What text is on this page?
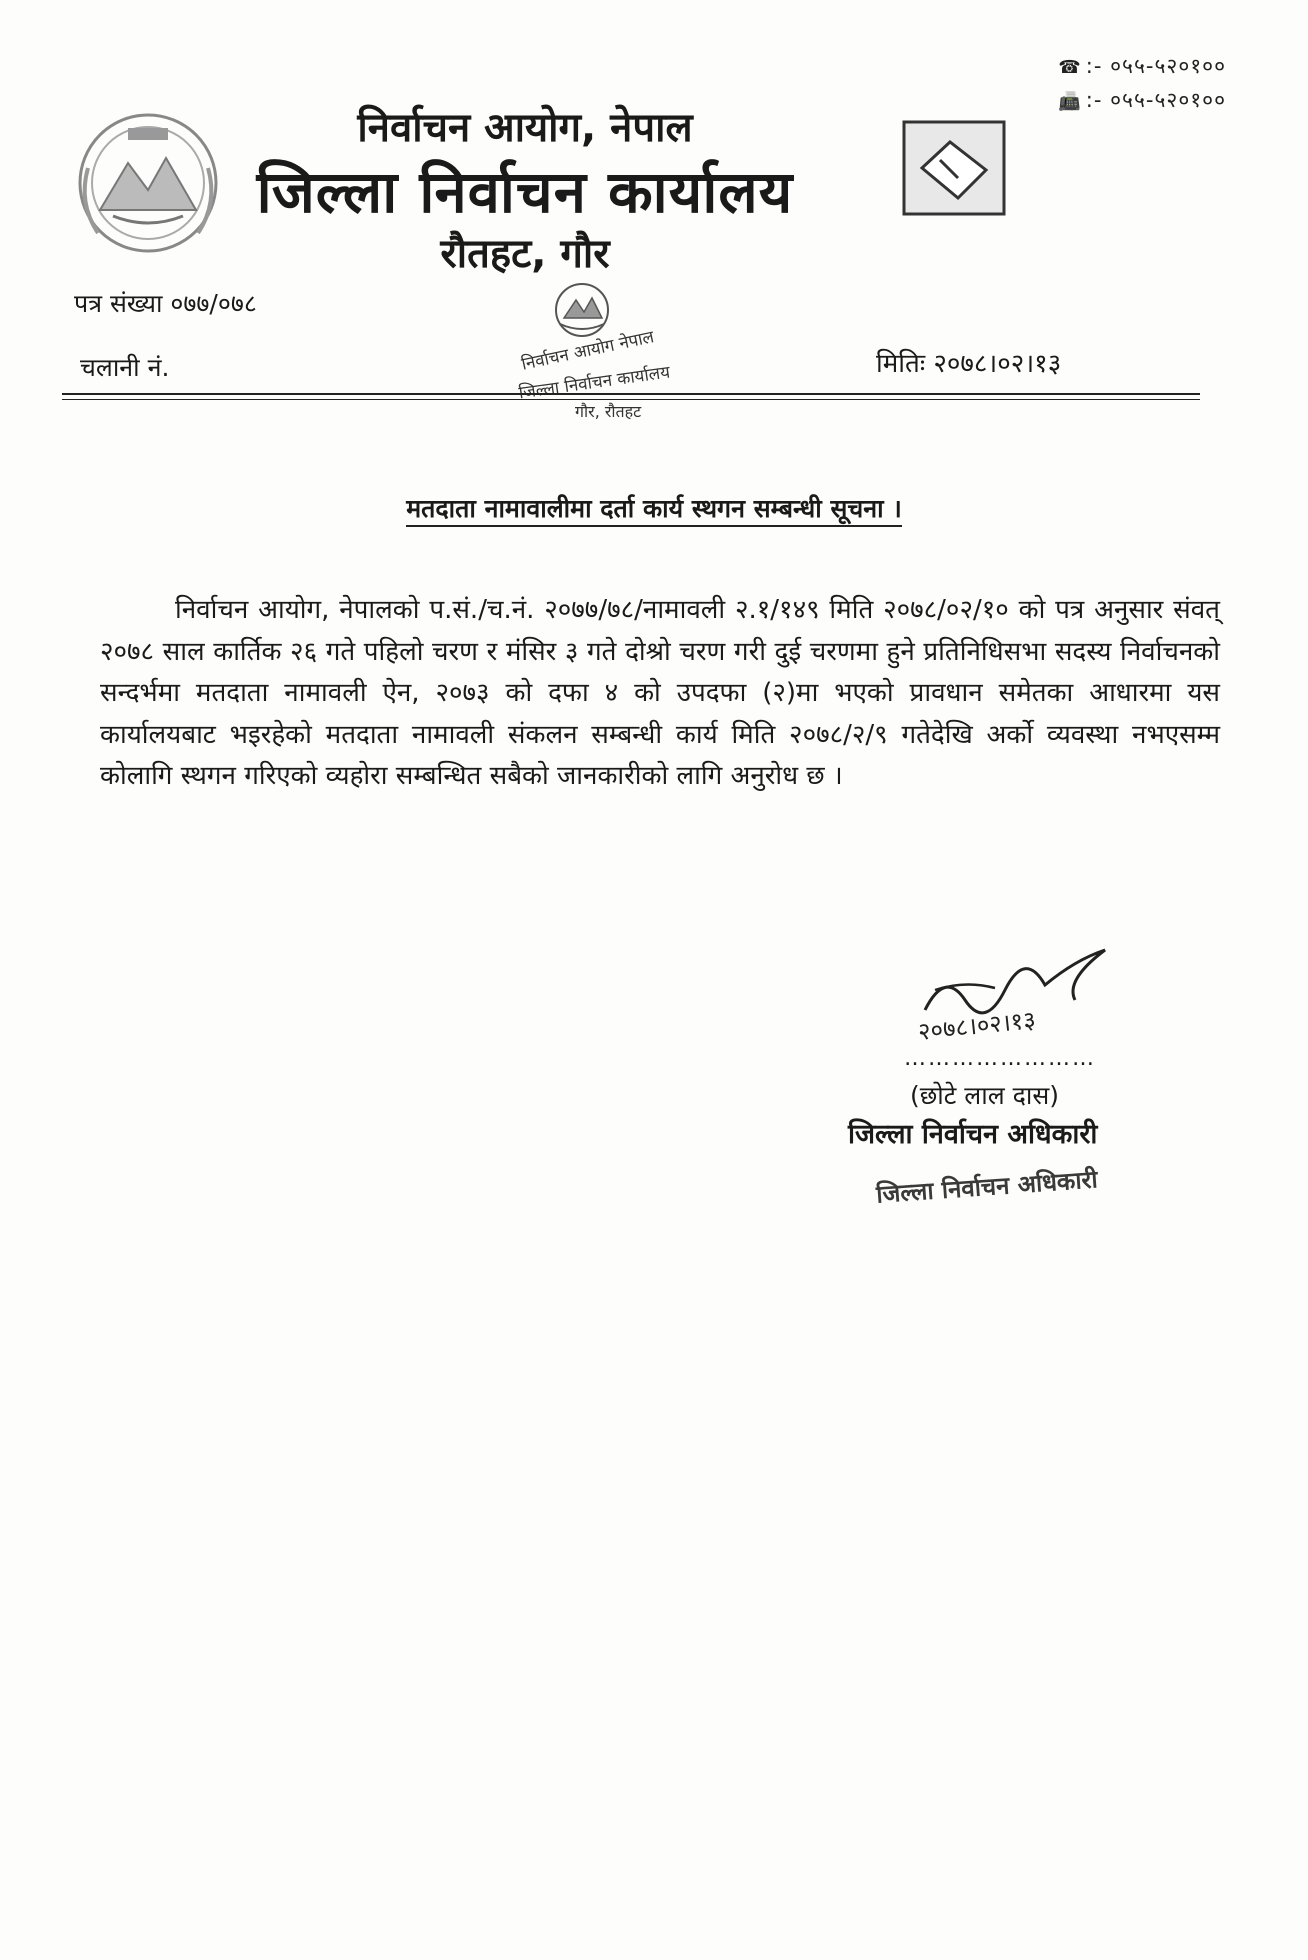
☎ :- ०५५-५२०१००
📠 :- ०५५-५२०१००
निर्वाचन आयोग, नेपाल
जिल्ला निर्वाचन कार्यालय
रौतहट, गौर
पत्र संख्या ०७७/०७८
चलानी नं.	मितिः २०७८।०२।१३
निर्वाचन आयोग नेपाल
जिल्ला निर्वाचन कार्यालय
गौर, रौतहट
मतदाता नामावालीमा दर्ता कार्य स्थगन सम्बन्धी सूचना ।
निर्वाचन आयोग, नेपालको प.सं./च.नं. २०७७/७८/नामावली २.१/१४९ मिति २०७८/०२/१० को पत्र अनुसार संवत् २०७८ साल कार्तिक २६ गते पहिलो चरण र मंसिर ३ गते दोश्रो चरण गरी दुई चरणमा हुने प्रतिनिधिसभा सदस्य निर्वाचनको सन्दर्भमा मतदाता नामावली ऐन, २०७३ को दफा ४ को उपदफा (२)मा भएको प्रावधान समेतका आधारमा यस कार्यालयबाट भइरहेको मतदाता नामावली संकलन सम्बन्धी कार्य मिति २०७८/२/९ गतेदेखि अर्को व्यवस्था नभएसम्म कोलागि स्थगन गरिएको व्यहोरा सम्बन्धित सबैको जानकारीको लागि अनुरोध छ ।
२०७८।०२।१३
……………………
(छोटे लाल दास)
जिल्ला निर्वाचन अधिकारी
जिल्ला निर्वाचन अधिकारी
